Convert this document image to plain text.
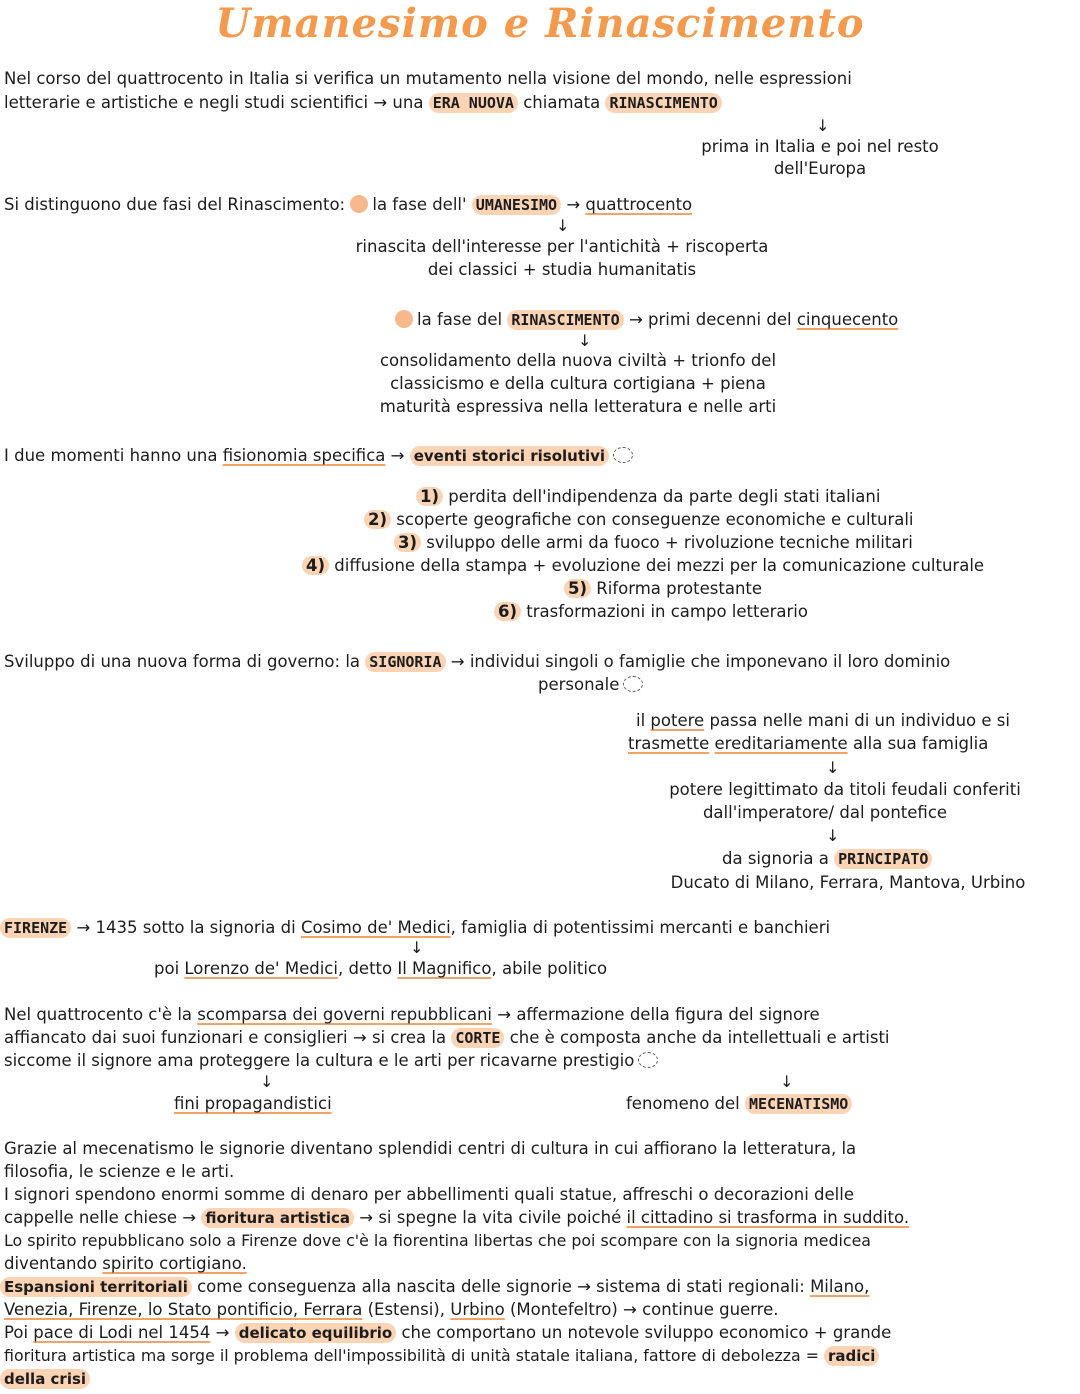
Umanesimo e Rinascimento
Nel corso del quattrocento in Italia si verifica un mutamento nella visione del mondo, nelle espressioni
letterarie e artistiche e negli studi scientifici → una ERA NUOVA chiamata RINASCIMENTO
↓
prima in Italia e poi nel resto
dell'Europa
Si distinguono due fasi del Rinascimento: la fase dell' UMANESIMO → quattrocento
↓
rinascita dell'interesse per l'antichità + riscoperta
dei classici + studia humanitatis
la fase del RINASCIMENTO → primi decenni del cinquecento
↓
consolidamento della nuova civiltà + trionfo del
classicismo e della cultura cortigiana + piena
maturità espressiva nella letteratura e nelle arti
I due momenti hanno una fisionomia specifica → eventi storici risolutivi
1) perdita dell'indipendenza da parte degli stati italiani
2) scoperte geografiche con conseguenze economiche e culturali
3) sviluppo delle armi da fuoco + rivoluzione tecniche militari
4) diffusione della stampa + evoluzione dei mezzi per la comunicazione culturale
5) Riforma protestante
6) trasformazioni in campo letterario
Sviluppo di una nuova forma di governo: la SIGNORIA → individui singoli o famiglie che imponevano il loro dominio
personale
il potere passa nelle mani di un individuo e si
trasmette ereditariamente alla sua famiglia
↓
potere legittimato da titoli feudali conferiti
dall'imperatore/ dal pontefice
↓
da signoria a PRINCIPATO
Ducato di Milano, Ferrara, Mantova, Urbino
FIRENZE → 1435 sotto la signoria di Cosimo de' Medici, famiglia di potentissimi mercanti e banchieri
↓
poi Lorenzo de' Medici, detto Il Magnifico, abile politico
Nel quattrocento c'è la scomparsa dei governi repubblicani → affermazione della figura del signore
affiancato dai suoi funzionari e consiglieri → si crea la CORTE che è composta anche da intellettuali e artisti
siccome il signore ama proteggere la cultura e le arti per ricavarne prestigio
↓	↓
fini propagandistici	fenomeno del MECENATISMO
Grazie al mecenatismo le signorie diventano splendidi centri di cultura in cui affiorano la letteratura, la
filosofia, le scienze e le arti.
I signori spendono enormi somme di denaro per abbellimenti quali statue, affreschi o decorazioni delle
cappelle nelle chiese → fioritura artistica → si spegne la vita civile poiché il cittadino si trasforma in suddito.
Lo spirito repubblicano solo a Firenze dove c'è la fiorentina libertas che poi scompare con la signoria medicea
diventando spirito cortigiano.
Espansioni territoriali come conseguenza alla nascita delle signorie → sistema di stati regionali: Milano,
Venezia, Firenze, lo Stato pontificio, Ferrara (Estensi), Urbino (Montefeltro) → continue guerre.
Poi pace di Lodi nel 1454 → delicato equilibrio che comportano un notevole sviluppo economico + grande
fioritura artistica ma sorge il problema dell'impossibilità di unità statale italiana, fattore di debolezza = radici
della crisi
